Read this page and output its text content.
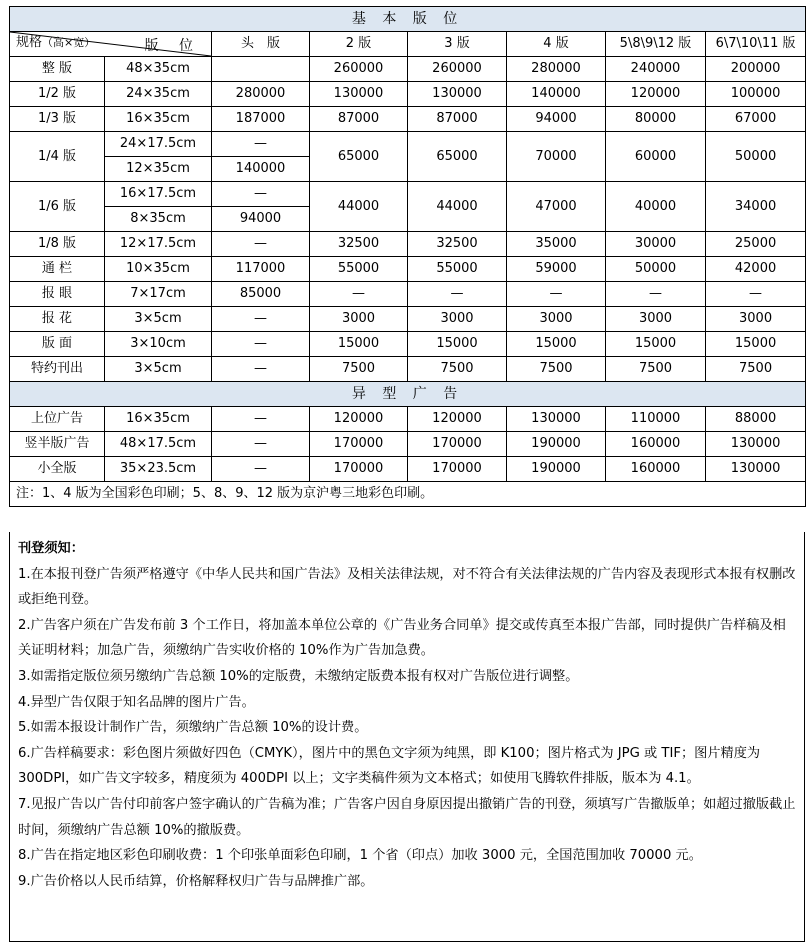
基 本 版 位							

版 位
规格（高×宽）		头　版	2 版	3 版	4 版	5\8\9\12 版	6\7\10\11 版
整 版	48×35cm		260000	260000	280000	240000	200000
1/2 版	24×35cm	280000	130000	130000	140000	120000	100000
1/3 版	16×35cm	187000	87000	87000	94000	80000	67000
1/4 版	24×17.5cm	—	65000	65000	70000	60000	50000
	12×35cm	140000					
1/6 版	16×17.5cm	—	44000	44000	47000	40000	34000
	8×35cm	94000					
1/8 版	12×17.5cm	—	32500	32500	35000	30000	25000
通 栏	10×35cm	117000	55000	55000	59000	50000	42000
报 眼	7×17cm	85000	—	—	—	—	—
报 花	3×5cm	—	3000	3000	3000	3000	3000
版 面	3×10cm	—	15000	15000	15000	15000	15000
特约刊出	3×5cm	—	7500	7500	7500	7500	7500
异 型 广 告							
上位广告	16×35cm	—	120000	120000	130000	110000	88000
竖半版广告	48×17.5cm	—	170000	170000	190000	160000	130000
小全版	35×23.5cm	—	170000	170000	190000	160000	130000
注：1、4 版为全国彩色印刷；5、8、9、12 版为京沪粤三地彩色印刷。							

刊登须知：

1.在本报刊登广告须严格遵守《中华人民共和国广告法》及相关法律法规，对不符合有关法律法规的广告内容及表现形式本报有权删改或拒绝刊登。

2.广告客户须在广告发布前 3 个工作日，将加盖本单位公章的《广告业务合同单》提交或传真至本报广告部，同时提供广告样稿及相关证明材料；加急广告，须缴纳广告实收价格的 10%作为广告加急费。

3.如需指定版位须另缴纳广告总额 10%的定版费，未缴纳定版费本报有权对广告版位进行调整。

4.异型广告仅限于知名品牌的图片广告。

5.如需本报设计制作广告，须缴纳广告总额 10%的设计费。

6.广告样稿要求：彩色图片须做好四色（CMYK），图片中的黑色文字须为纯黑，即 K100；图片格式为 JPG 或 TIF；图片精度为 300DPI，如广告文字较多，精度须为 400DPI 以上；文字类稿件须为文本格式；如使用飞腾软件排版，版本为 4.1。

7.见报广告以广告付印前客户签字确认的广告稿为准；广告客户因自身原因提出撤销广告的刊登，须填写广告撤版单；如超过撤版截止时间，须缴纳广告总额 10%的撤版费。

8.广告在指定地区彩色印刷收费：1 个印张单面彩色印刷，1 个省（印点）加收 3000 元，全国范围加收 70000 元。

9.广告价格以人民币结算，价格解释权归广告与品牌推广部。
